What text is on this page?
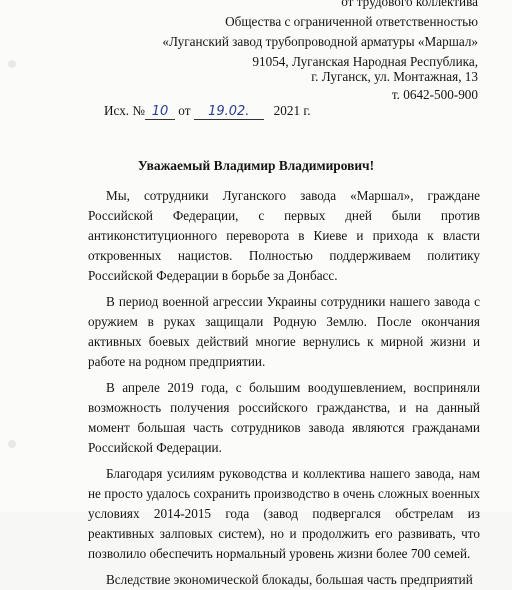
от трудового коллектива
Общества с ограниченной ответственностью
«Луганский завод трубопроводной арматуры «Маршал»
91054, Луганская Народная Республика,
г. Луганск, ул. Монтажная, 13
т. 0642-500-900
Исх. № 10 от 19.02. 2021 г.
Уважаемый Владимир Владимирович!

Мы, сотрудники Луганского завода «Маршал», граждане Российской Федерации, с первых дней были против антиконституционного переворота в Киеве и прихода к власти откровенных нацистов. Полностью поддерживаем политику Российской Федерации в борьбе за Донбасс.

В период военной агрессии Украины сотрудники нашего завода с оружием в руках защищали Родную Землю. После окончания активных боевых действий многие вернулись к мирной жизни и работе на родном предприятии.

В апреле 2019 года, с большим воодушевлением, восприняли возможность получения российского гражданства, и на данный момент большая часть сотрудников завода являются гражданами Российской Федерации.

Благодаря усилиям руководства и коллектива нашего завода, нам не просто удалось сохранить производство в очень сложных военных условиях 2014-2015 года (завод подвергался обстрелам из реактивных залповых систем), но и продолжить его развивать, что позволило обеспечить нормальный уровень жизни более 700 семей.

Вследствие экономической блокады, большая часть предприятий
